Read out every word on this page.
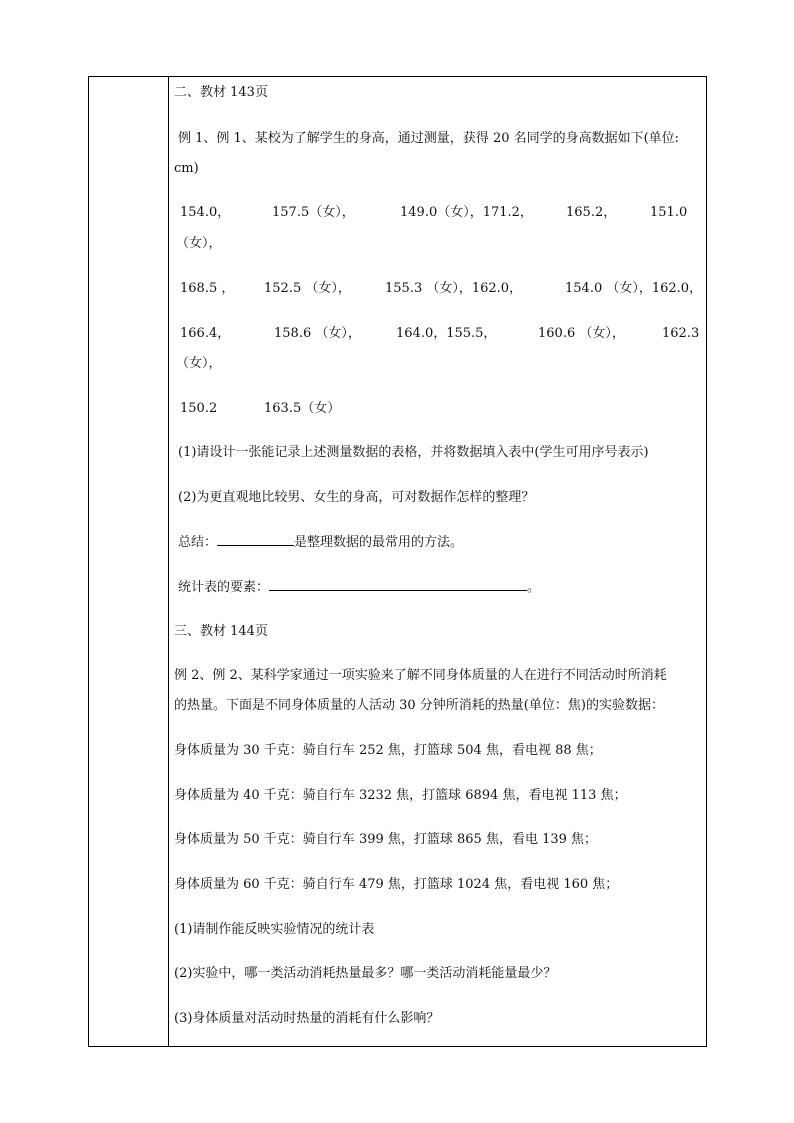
二、教材 143页
例 1、例 1、某校为了解学生的身高，通过测量，获得 20 名同学的身高数据如下(单位:
cm)
154.0，	157.5（女），	149.0（女），171.2，	165.2，	151.0
（女），
168.5 ， 152.5 （女），	155.3 （女），162.0，	154.0 （女），162.0，
166.4，	158.6 （女），	164.0，155.5，	160.6 （女），	162.3
（女），
150.2	163.5（女）
(1)请设计一张能记录上述测量数据的表格，并将数据填入表中(学生可用序号表示)
(2)为更直观地比较男、女生的身高，可对数据作怎样的整理？
总结：	是整理数据的最常用的方法。
统计表的要素：	。
三、教材 144页
例 2、例 2、某科学家通过一项实验来了解不同身体质量的人在进行不同活动时所消耗
的热量。下面是不同身体质量的人活动 30 分钟所消耗的热量(单位：焦)的实验数据：
身体质量为 30 千克：骑自行车 252 焦，打篮球 504 焦，看电视 88 焦；
身体质量为 40 千克：骑自行车 3232 焦，打篮球 6894 焦，看电视 113 焦；
身体质量为 50 千克：骑自行车 399 焦，打篮球 865 焦，看电 139 焦；
身体质量为 60 千克：骑自行车 479 焦，打篮球 1024 焦，看电视 160 焦；
(1)请制作能反映实验情况的统计表
(2)实验中，哪一类活动消耗热量最多？哪一类活动消耗能量最少？
(3)身体质量对活动时热量的消耗有什么影响？
